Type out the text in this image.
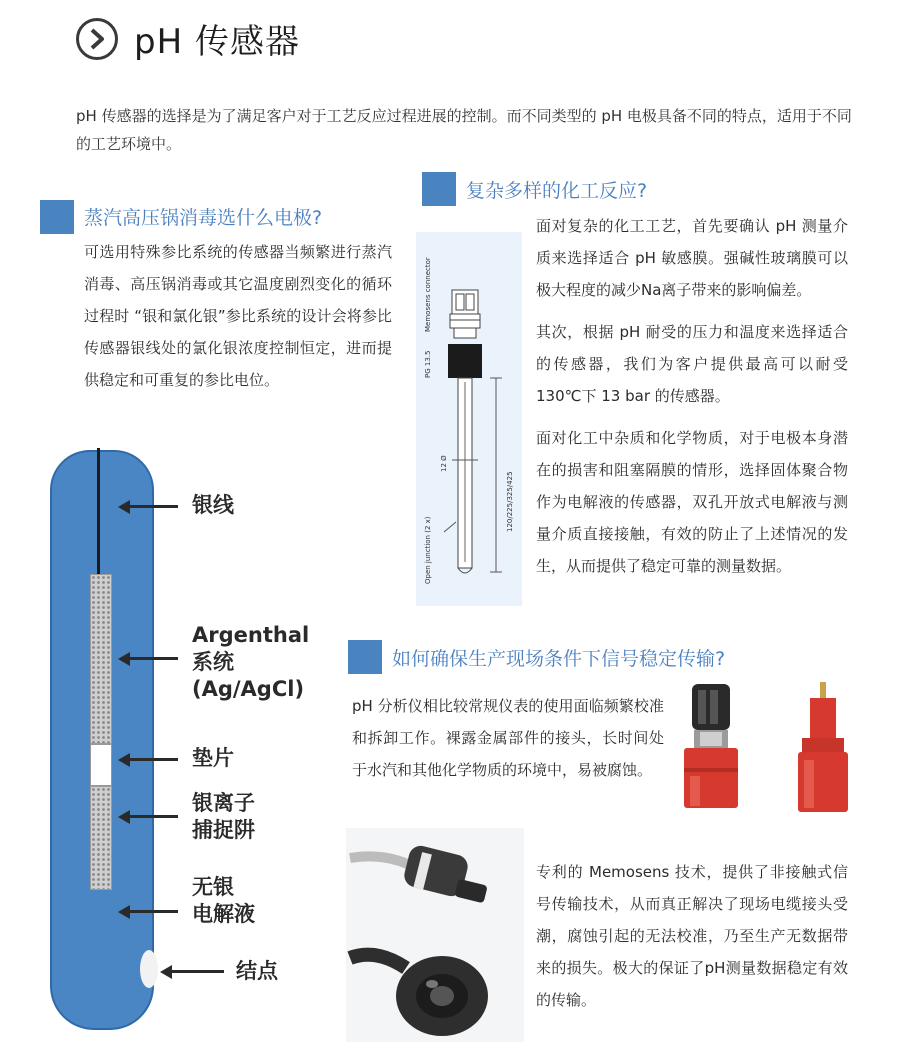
pH 传感器
pH 传感器的选择是为了满足客户对于工艺反应过程进展的控制。而不同类型的 pH 电极具备不同的特点，适用于不同的工艺环境中。
蒸汽高压锅消毒选什么电极?
可选用特殊参比系统的传感器当频繁进行蒸汽消毒、高压锅消毒或其它温度剧烈变化的循环过程时 “银和氯化银”参比系统的设计会将参比传感器银线处的氯化银浓度控制恒定，进而提供稳定和可重复的参比电位。
复杂多样的化工反应?

面对复杂的化工工艺，首先要确认 pH 测量介质来选择适合 pH 敏感膜。强碱性玻璃膜可以极大程度的减少Na离子带来的影响偏差。

其次，根据 pH 耐受的压力和温度来选择适合的传感器，我们为客户提供最高可以耐受130℃下 13 bar 的传感器。

面对化工中杂质和化学物质，对于电极本身潜在的损害和阻塞隔膜的情形，选择固体聚合物作为电解液的传感器，双孔开放式电解液与测量介质直接接触，有效的防止了上述情况的发生，从而提供了稳定可靠的测量数据。

Memosens connector
PG 13.5
12 Ø
120/225/325/425
Open junction (2 x)
银线
Argenthal
系统
(Ag/AgCl)
垫片
银离子
捕捉阱
无银
电解液
结点
如何确保生产现场条件下信号稳定传输?
pH 分析仪相比较常规仪表的使用面临频繁校准和拆卸工作。裸露金属部件的接头，长时间处于水汽和其他化学物质的环境中，易被腐蚀。
专利的 Memosens 技术，提供了非接触式信号传输技术，从而真正解决了现场电缆接头受潮，腐蚀引起的无法校准，乃至生产无数据带来的损失。极大的保证了pH测量数据稳定有效的传输。
